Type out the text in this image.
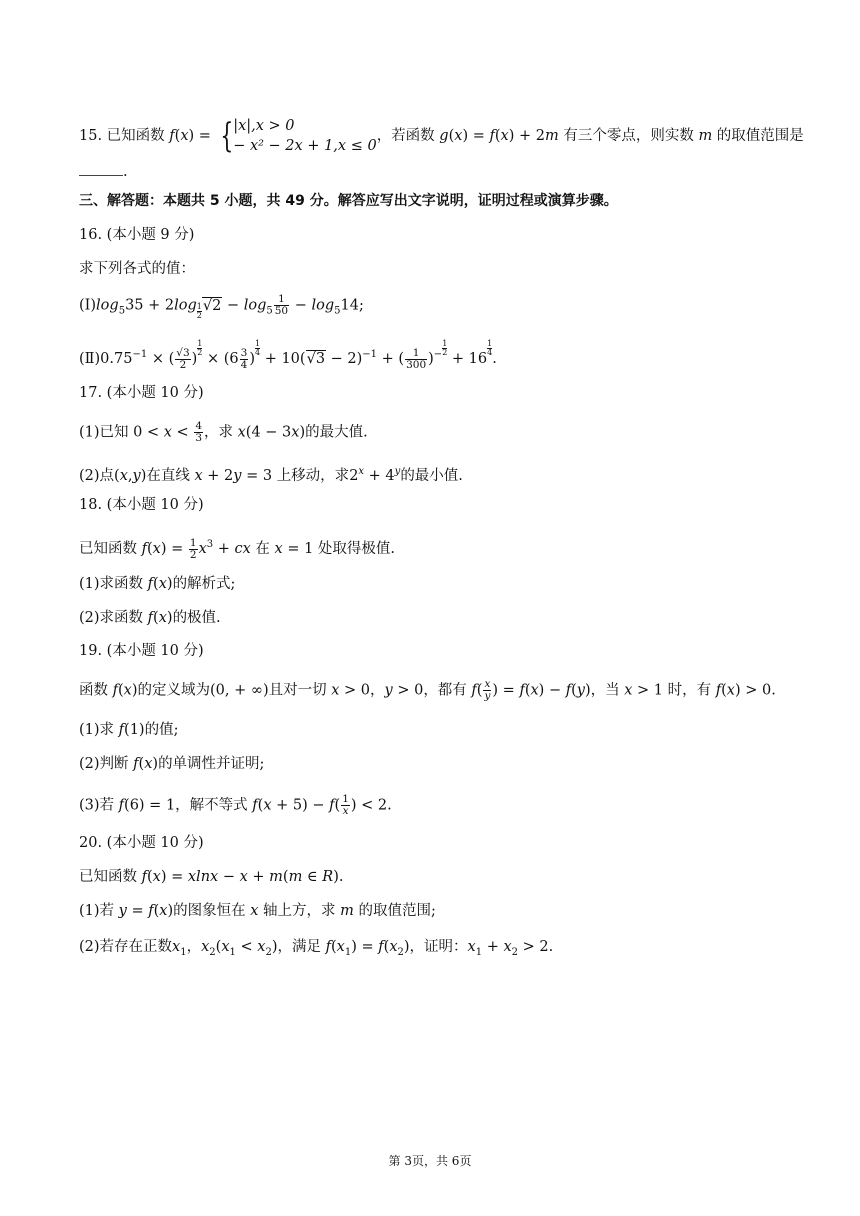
15. 已知函数 f(x) = { |x|,x > 0
− x² − 2x + 1,x ≤ 0
，若函数 g(x) = f(x) + 2m 有三个零点，则实数 m 的取值范围是
.
三、解答题：本题共 5 小题，共 49 分。解答应写出文字说明，证明过程或演算步骤。
16. (本小题 9 分)
求下列各式的值：
$(Ⅰ)\log_535 + 2\log \frac{1}{2} √2 - \log_5 \frac{1}{50} - \log_514$;
$(Ⅱ)0.75^{-1}$ × ( $\frac{√3}{2}$ )
$\frac{1}{2}$
× ($6 \frac{3}{4}$ )
$\frac{1}{4}$
+ $10(√3 - 2)^{-1}$ + ( $\frac{1}{300} )^- \frac{1}{2}$
+ 16
$\frac{1}{4}$
.
17. (本小题 10 分)
(1)已知 $0 < x < \frac{4}{3}$ ，求 x(4 − 3x)的最大值.
(2)点(x,y)在直线 x + 2y = 3 上移动，求$2^x + 4^y$的最小值.
18. (本小题 10 分)
已知函数 $f(x) = \frac{1}{2} x^3$ + cx 在 x = 1 处取得极值.
(1)求函数 f(x)的解析式;
(2)求函数 f(x)的极值.
19. (本小题 10 分)
函数 f(x)的定义域为(0, + ∞)且对一切 x > 0，y > 0，都有 $f( \frac{x}{y}$ ) = f(x) − f(y)，当 x > 1 时，有 f(x) > 0.
(1)求 f(1)的值;
(2)判断 f(x)的单调性并证明;
(3)若 f(6) = 1，解不等式 $f(x + 5) - f( \frac{1}{x}$ ) < 2.
20. (本小题 10 分)
已知函数 f(x) = xlnx − x + m(m ∈ R).
(1)若 y = f(x)的图象恒在 x 轴上方，求 m 的取值范围;
(2)若存在正数$x_1$，$x_2(x_1 < x_2)$，满足 $f(x_1) = f(x_2)$，证明：$x_1 + x_2 > 2$.
第 3页，共 6页
